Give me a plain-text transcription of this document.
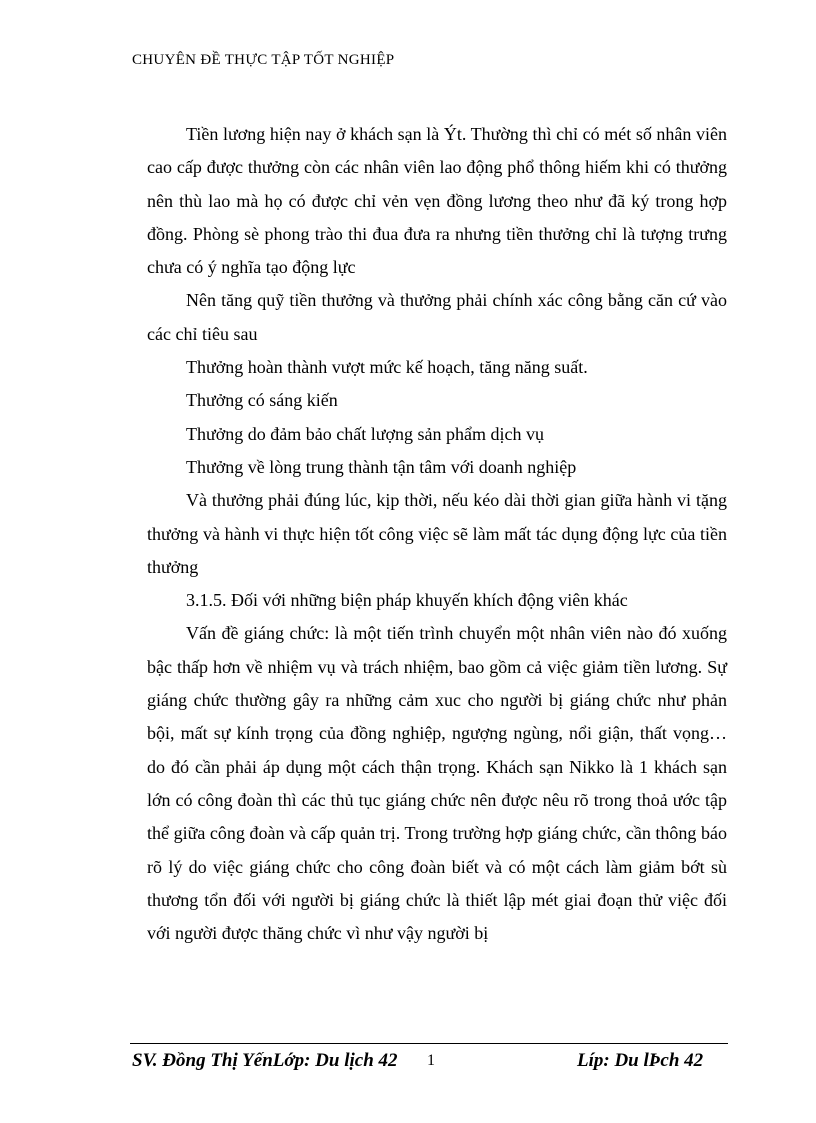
CHUYÊN ĐỀ THỰC TẬP TỐT NGHIỆP

Tiền lương hiện nay ở khách sạn là Ýt. Thường thì chỉ có mét số nhân viên cao cấp được thưởng còn các nhân viên lao động phổ thông hiếm khi có thưởng nên thù lao mà họ có được chỉ vẻn vẹn đồng lương theo như đã ký trong hợp đồng. Phòng sè phong trào thi đua đưa ra nhưng tiền thưởng chỉ là tượng trưng chưa có ý nghĩa tạo động lực

Nên tăng quỹ tiền thưởng và thưởng phải chính xác công bằng căn cứ vào các chỉ tiêu sau

Thưởng hoàn thành vượt mức kế hoạch, tăng năng suất.

Thưởng có sáng kiến

Thưởng do đảm bảo chất lượng sản phẩm dịch vụ

Thưởng về lòng trung thành tận tâm với doanh nghiệp

Và thưởng phải đúng lúc, kịp thời, nếu kéo dài thời gian giữa hành vi tặng thưởng và hành vi thực hiện tốt công việc sẽ làm mất tác dụng động lực của tiền thưởng

3.1.5. Đối với những biện pháp khuyến khích động viên khác

Vấn đề giáng chức: là một tiến trình chuyển một nhân viên nào đó xuống bậc thấp hơn về nhiệm vụ và trách nhiệm, bao gồm cả việc giảm tiền lương. Sự giáng chức thường gây ra những cảm xuc cho người bị giáng chức như phản bội, mất sự kính trọng của đồng nghiệp, ngượng ngùng, nổi giận, thất vọng… do đó cần phải áp dụng một cách thận trọng. Khách sạn Nikko là 1 khách sạn lớn có công đoàn thì các thủ tục giáng chức nên được nêu rõ trong thoả ước tập thể giữa công đoàn và cấp quản trị. Trong trường hợp giáng chức, cần thông báo rõ lý do việc giáng chức cho công đoàn biết và có một cách làm giảm bớt sù thương tổn đối với người bị giáng chức là thiết lập mét giai đoạn thử việc đối với người được thăng chức vì như vậy người bị

SV. Đồng Thị YếnLớp: Du lịch 42 1	Líp: Du lÞch 42
